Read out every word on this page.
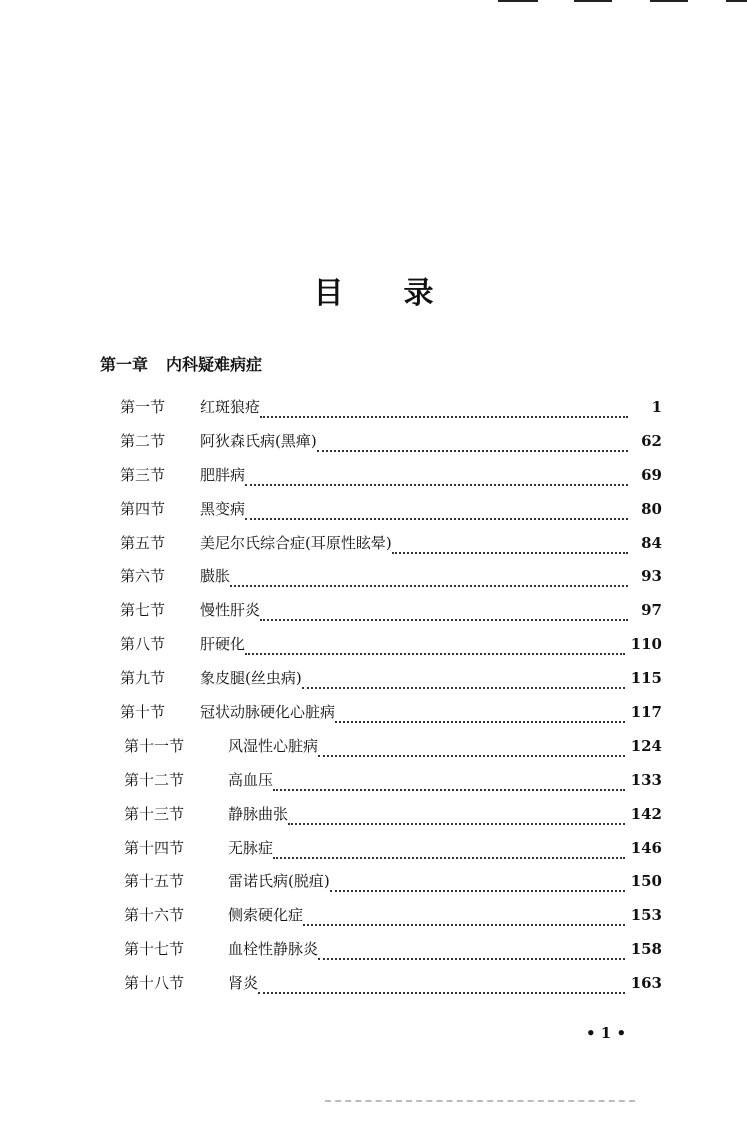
目 录
第一章 内科疑难病症
第一节	红斑狼疮	1
第二节	阿狄森氏病(黑瘅)	62
第三节	肥胖病	69
第四节	黑变病	80
第五节	美尼尔氏综合症(耳原性眩晕)	84
第六节	臌胀	93
第七节	慢性肝炎	97
第八节	肝硬化	110
第九节	象皮腿(丝虫病)	115
第十节	冠状动脉硬化心脏病	117
第十一节	风湿性心脏病	124
第十二节	高血压	133
第十三节	静脉曲张	142
第十四节	无脉症	146
第十五节	雷诺氏病(脱疽)	150
第十六节	侧索硬化症	153
第十七节	血栓性静脉炎	158
第十八节	肾炎	163
• 1 •
